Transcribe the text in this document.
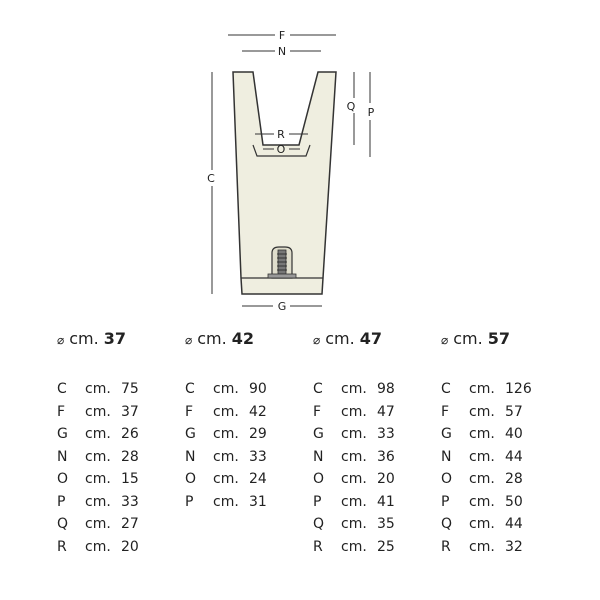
F
N
R
O
Q P
C
G
⌀ cm. 37
C cm. 75
F cm. 37
G cm. 26
N cm. 28
O cm. 15
P cm. 33
Q cm. 27
R cm. 20
⌀ cm. 42
C cm. 90
F cm. 42
G cm. 29
N cm. 33
O cm. 24
P cm. 31
⌀ cm. 47
C cm. 98
F cm. 47
G cm. 33
N cm. 36
O cm. 20
P cm. 41
Q cm. 35
R cm. 25
⌀ cm. 57
C cm. 126
F cm. 57
G cm. 40
N cm. 44
O cm. 28
P cm. 50
Q cm. 44
R cm. 32
